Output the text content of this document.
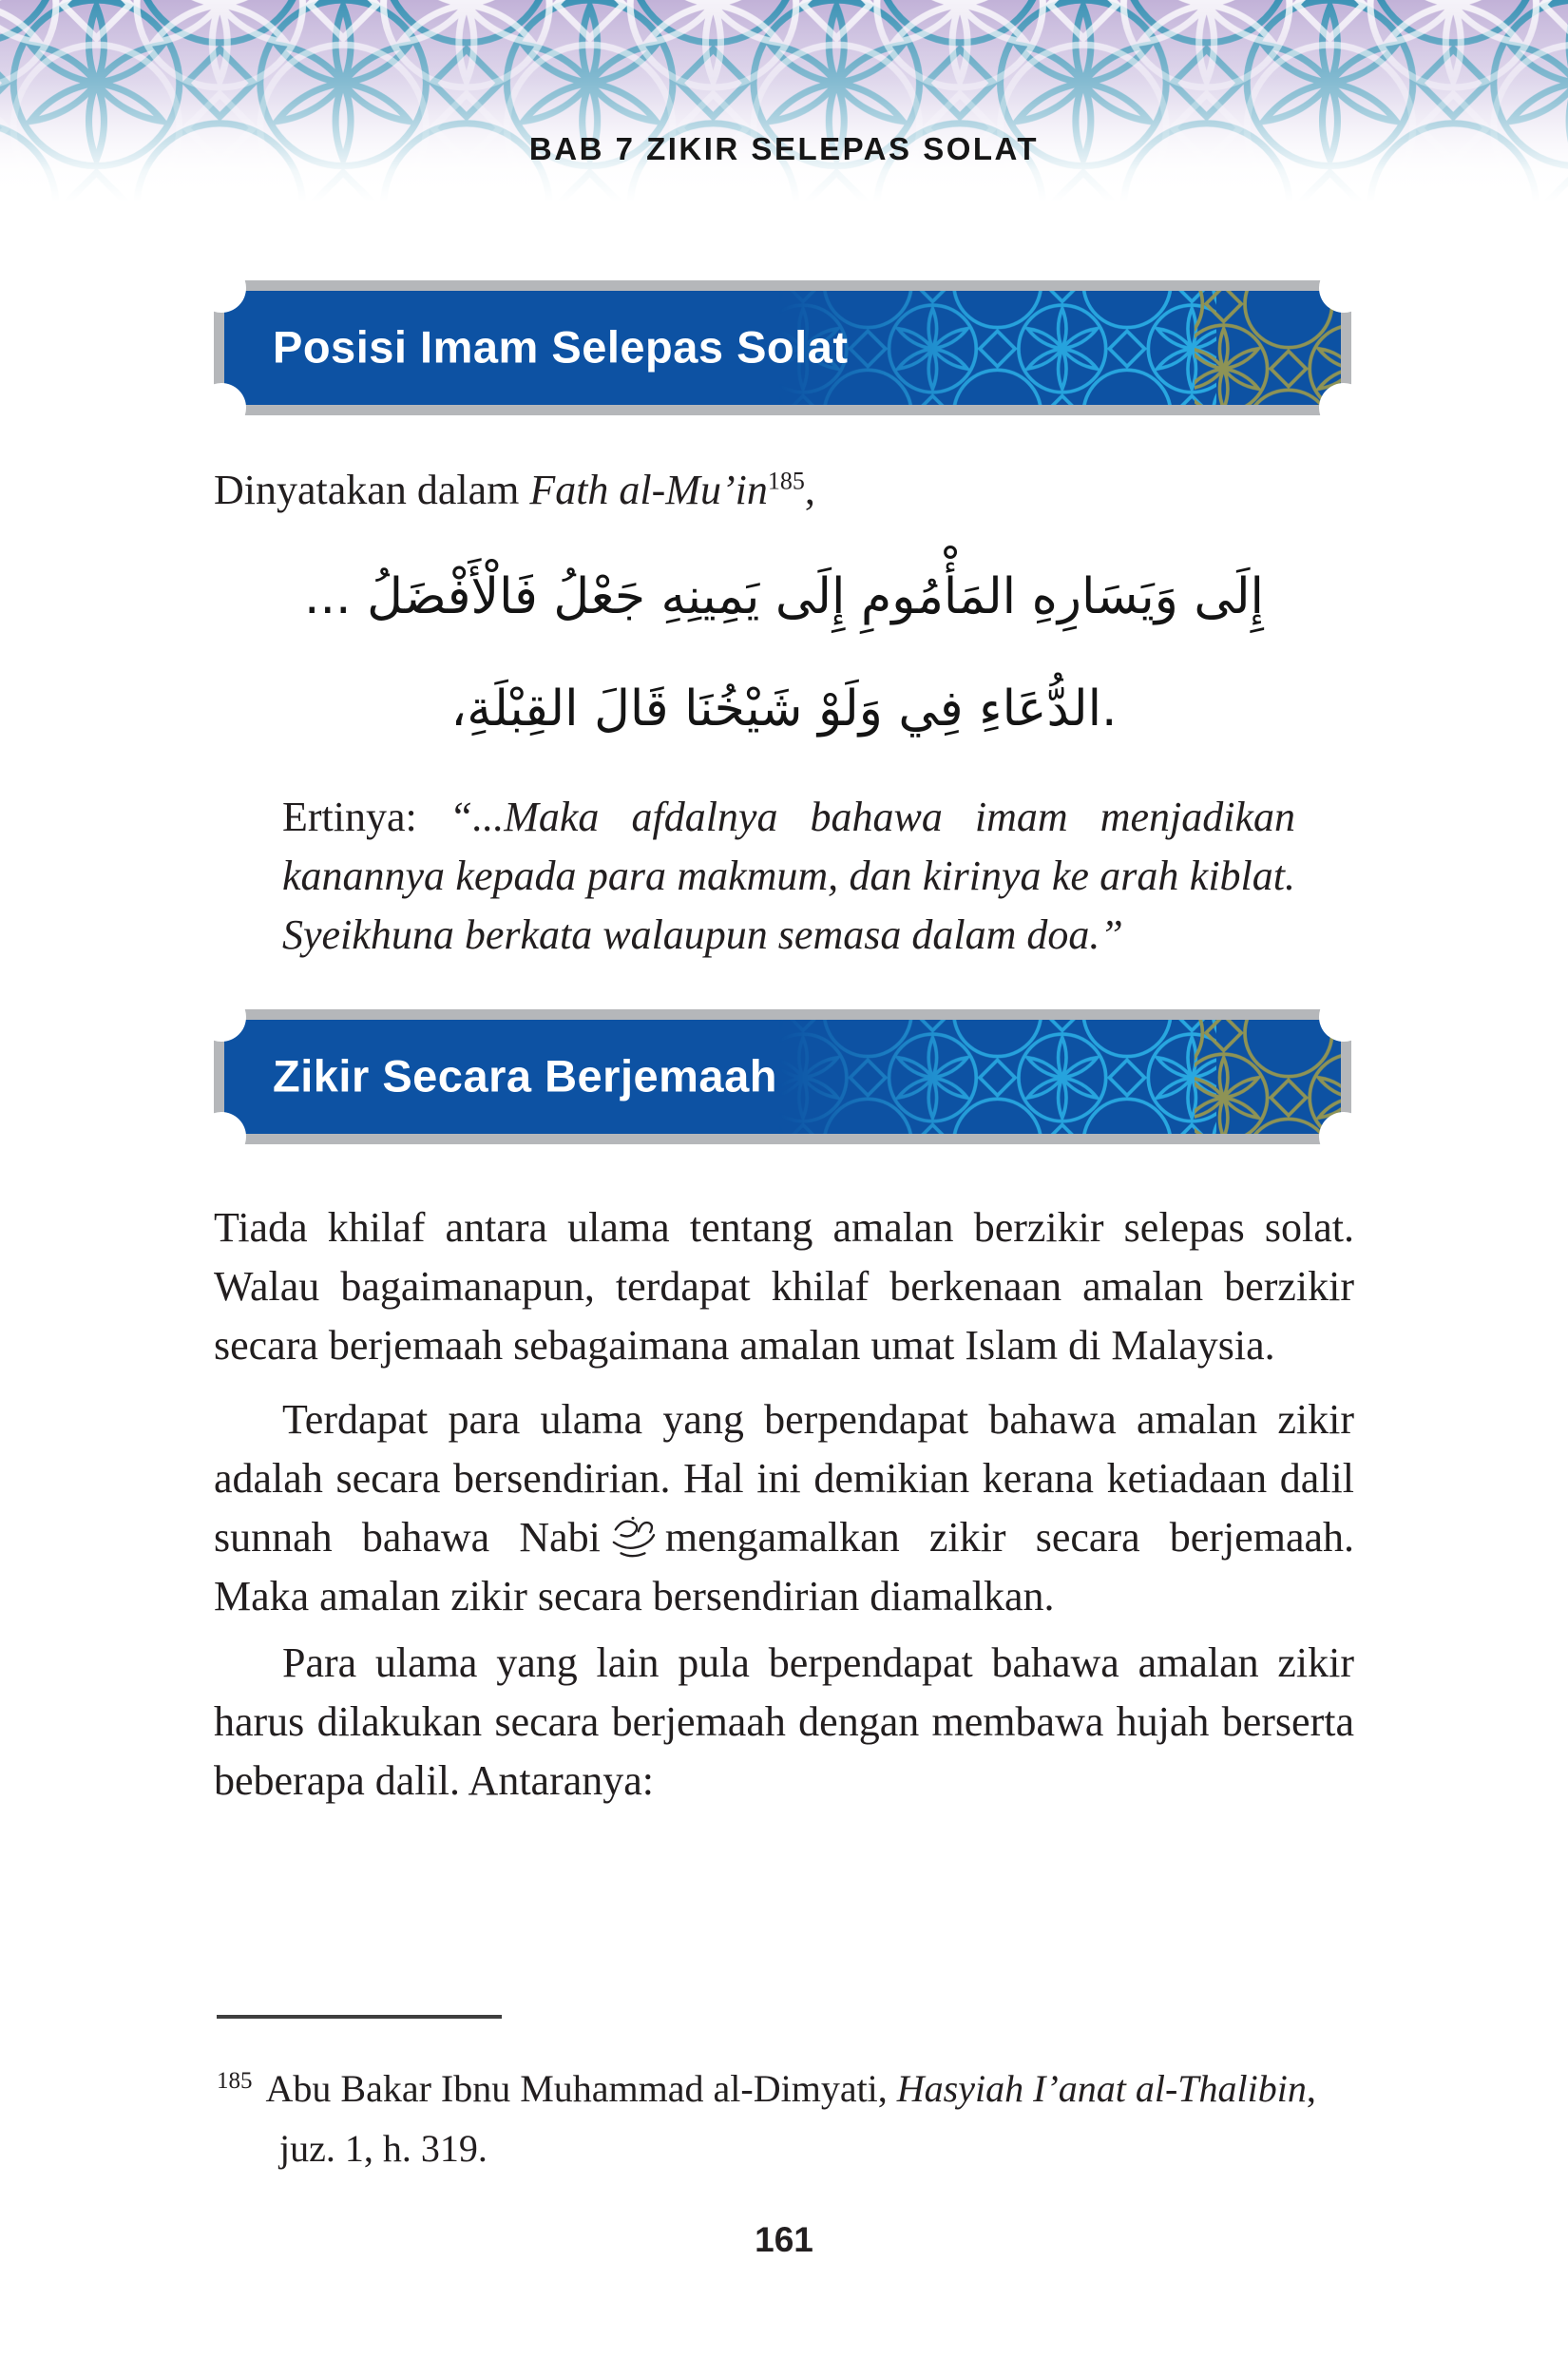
BAB 7 ZIKIR SELEPAS SOLAT
Posisi Imam Selepas Solat

Dinyatakan dalam Fath $al-Mu’in^{185}$,

... فَالْأَفْضَلُ‎ جَعْلُ‎ يَمِينِهِ‎ إِلَى‎ المَأْمُومِ‎ وَيَسَارِهِ‎ إِلَى
القِبْلَةِ،‏‎ قَالَ‎ شَيْخُنَا‎ وَلَوْ‎ فِي‎ الدُّعَاءِ.

Ertinya: “...Maka afdalnya bahawa imam menjadikan kanannya kepada para makmum, dan kirinya ke arah kiblat. Syeikhuna berkata walaupun semasa dalam doa.”

Zikir Secara Berjemaah

Tiada khilaf antara ulama tentang amalan berzikir selepas solat. Walau bagaimanapun, terdapat khilaf berkenaan amalan berzikir secara berjemaah sebagaimana amalan umat Islam di Malaysia.

Terdapat para ulama yang berpendapat bahawa amalan zikir adalah secara bersendirian. Hal ini demikian kerana ketiadaan dalil sunnah bahawa Nabi mengamalkan zikir secara berjemaah. Maka amalan zikir secara bersendirian diamalkan.

Para ulama yang lain pula berpendapat bahawa amalan zikir harus dilakukan secara berjemaah dengan membawa hujah berserta beberapa dalil. Antaranya:

$^{185}$ Abu Bakar Ibnu Muhammad al-Dimyati, Hasyiah I’anat al-Thalibin, juz. 1, h. 319.

161
